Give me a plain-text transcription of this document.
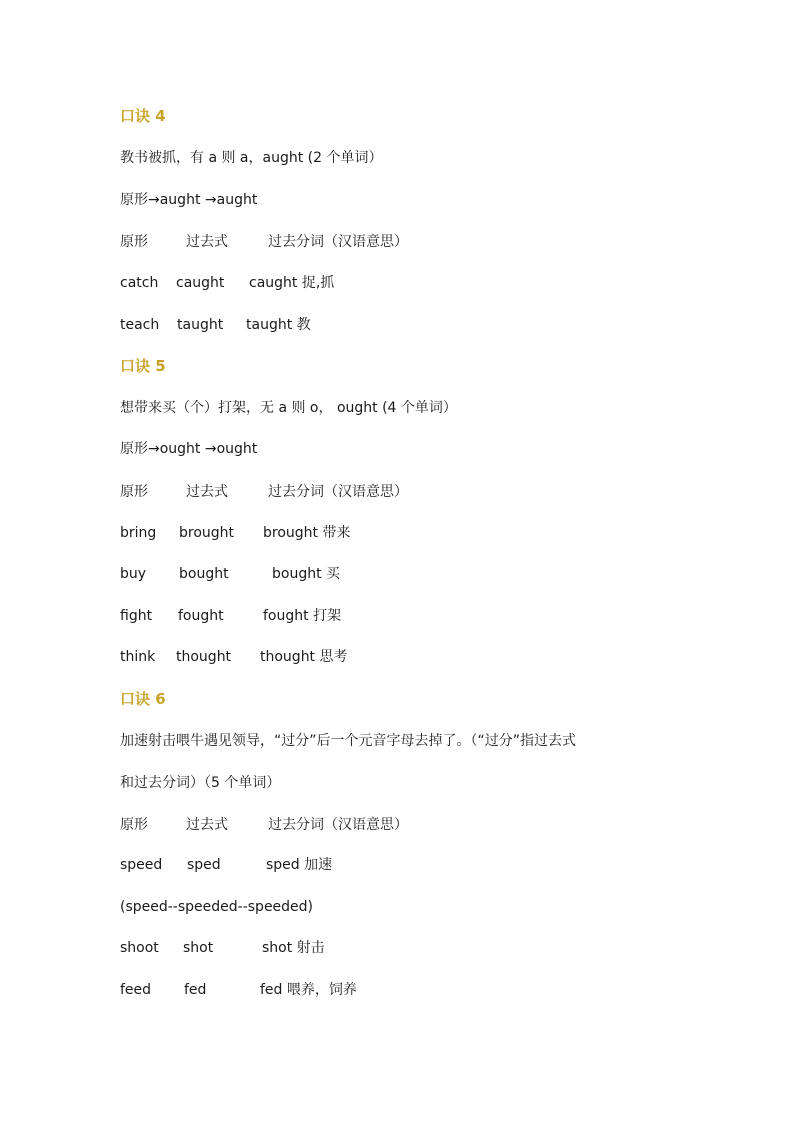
口诀 4
教书被抓，有 a 则 a，aught (2 个单词）
原形→aught →aught
原形	过去式	过去分词（汉语意思）
catch caught caught 捉,抓
teach taught taught 教
口诀 5
想带来买（个）打架，无 a 则 o， ought (4 个单词）
原形→ought →ought
原形	过去式	过去分词（汉语意思）
bring brought brought 带来
buy bought	bought 买
fight fought	fought 打架
think thought thought 思考
口诀 6
加速射击喂牛遇见领导，“过分”后一个元音字母去掉了。（“过分”指过去式
和过去分词）（5 个单词）
原形	过去式	过去分词（汉语意思）
speed sped	sped 加速
(speed--speeded--speeded)
shoot shot	shot 射击
feed fed	fed 喂养，饲养
